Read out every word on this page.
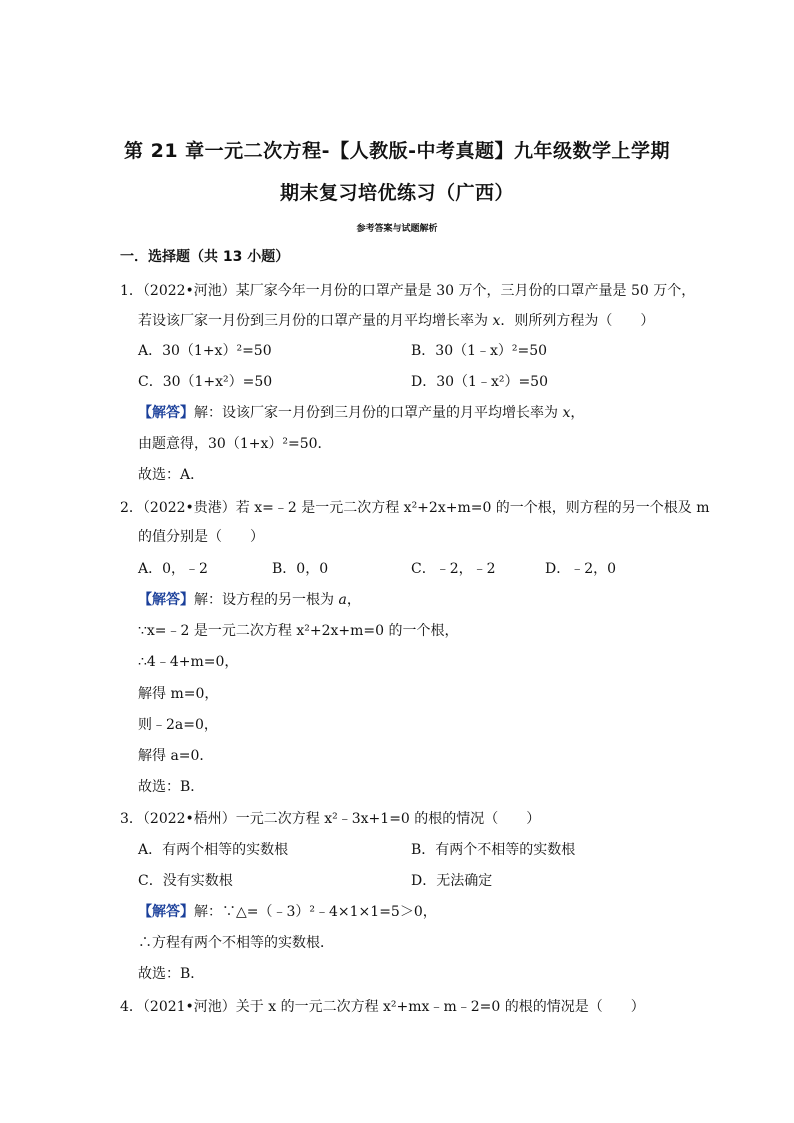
第 21 章一元二次方程-【人教版-中考真题】九年级数学上学期
期末复习培优练习（广西）
参考答案与试题解析
一．选择题（共 13 小题）
1．（2022•河池）某厂家今年一月份的口罩产量是 30 万个，三月份的口罩产量是 50 万个，
若设该厂家一月份到三月份的口罩产量的月平均增长率为 x．则所列方程为（　　）
A．30（1+x）²=50	B．30（1﹣x）²=50
C．30（1+x²）=50	D．30（1﹣x²）=50
【解答】解：设该厂家一月份到三月份的口罩产量的月平均增长率为 x，
由题意得，30（1+x）²=50．
故选：A．
2．（2022•贵港）若 x=﹣2 是一元二次方程 x²+2x+m=0 的一个根，则方程的另一个根及 m
的值分别是（　　）
A．0，﹣2	B．0，0	C．﹣2，﹣2	D．﹣2，0
【解答】解：设方程的另一根为 a，
∵x=﹣2 是一元二次方程 x²+2x+m=0 的一个根，
∴4﹣4+m=0，
解得 m=0，
则﹣2a=0，
解得 a=0．
故选：B．
3．（2022•梧州）一元二次方程 x²﹣3x+1=0 的根的情况（　　）
A．有两个相等的实数根	B．有两个不相等的实数根
C．没有实数根	D．无法确定
【解答】解：∵△=（﹣3）²﹣4×1×1=5＞0，
∴方程有两个不相等的实数根．
故选：B．
4．（2021•河池）关于 x 的一元二次方程 x²+mx﹣m﹣2=0 的根的情况是（　　）
